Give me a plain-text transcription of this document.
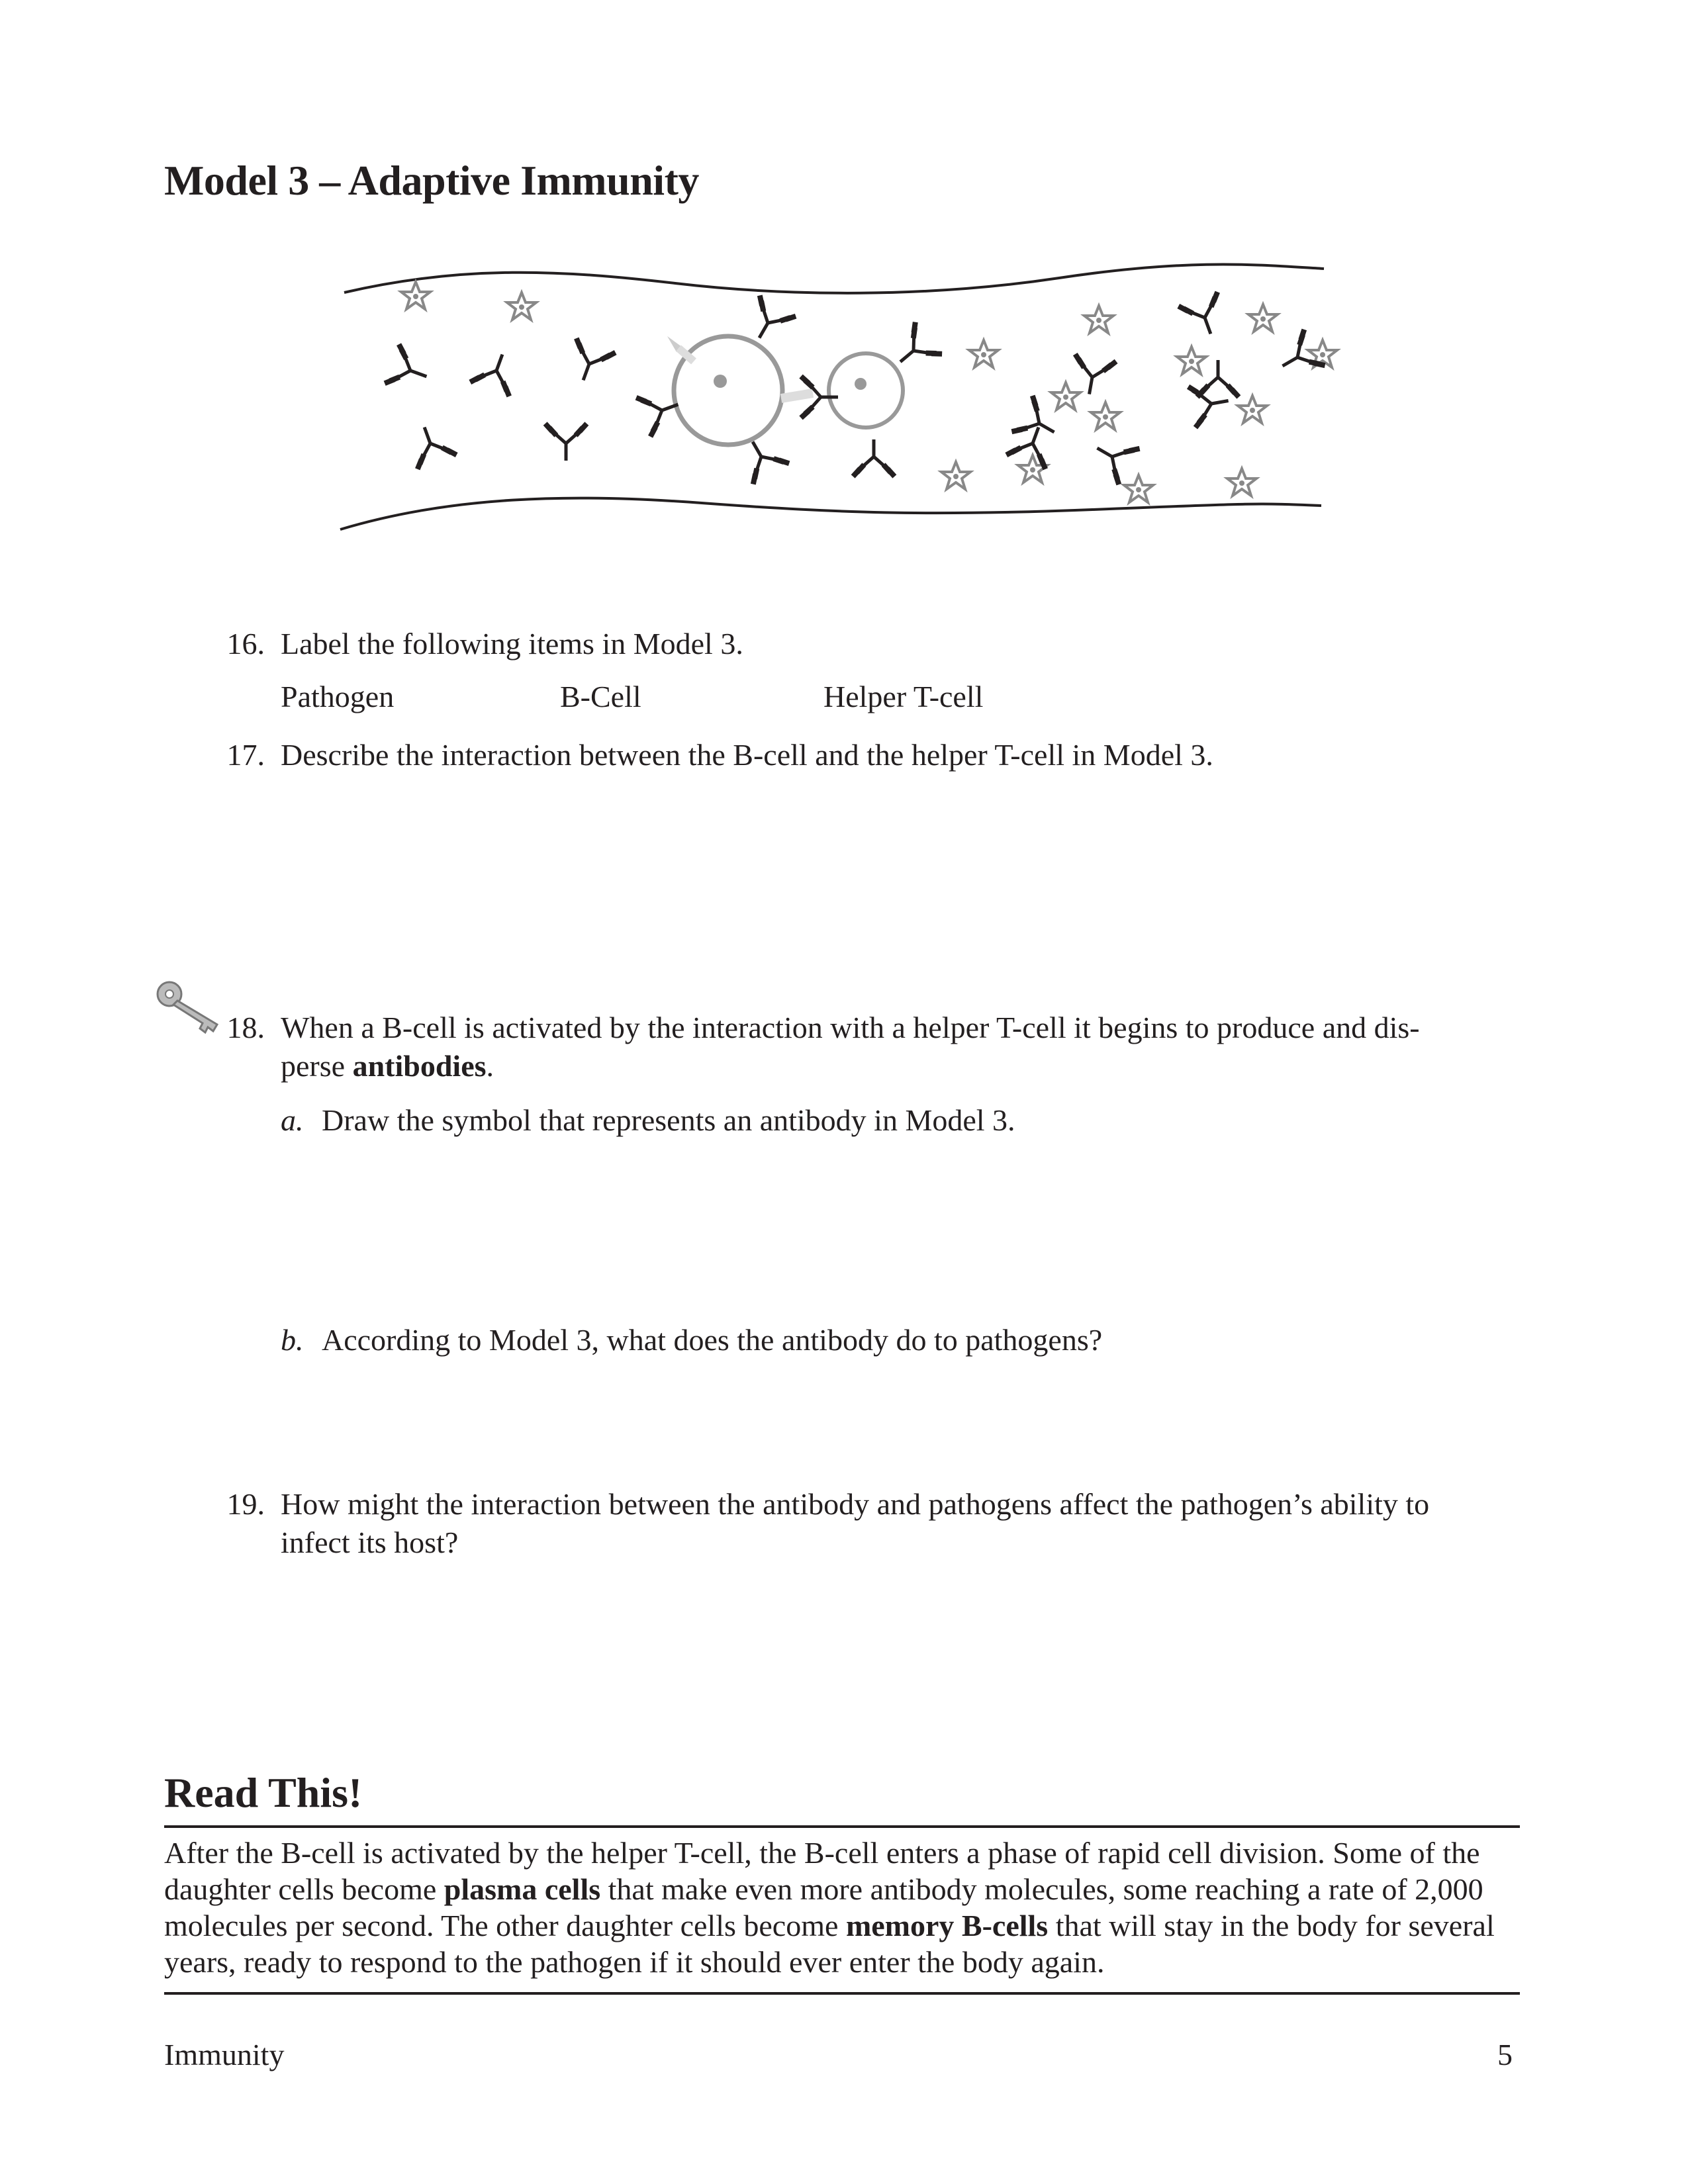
Model 3 – Adaptive Immunity
16. Label the following items in Model 3.
Pathogen	B-Cell	Helper T-cell
17. Describe the interaction between the B-cell and the helper T-cell in Model 3.
18. When a B-cell is activated by the interaction with a helper T-cell it begins to produce and dis-
perse antibodies.
a. Draw the symbol that represents an antibody in Model 3.
b. According to Model 3, what does the antibody do to pathogens?
19. How might the interaction between the antibody and pathogens affect the pathogen’s ability to
infect its host?
Read This!
After the B-cell is activated by the helper T-cell, the B-cell enters a phase of rapid cell division. Some of the daughter cells become plasma cells that make even more antibody molecules, some reaching a rate of 2,000 molecules per second. The other daughter cells become memory B-cells that will stay in the body for several years, ready to respond to the pathogen if it should ever enter the body again.
Immunity	5
